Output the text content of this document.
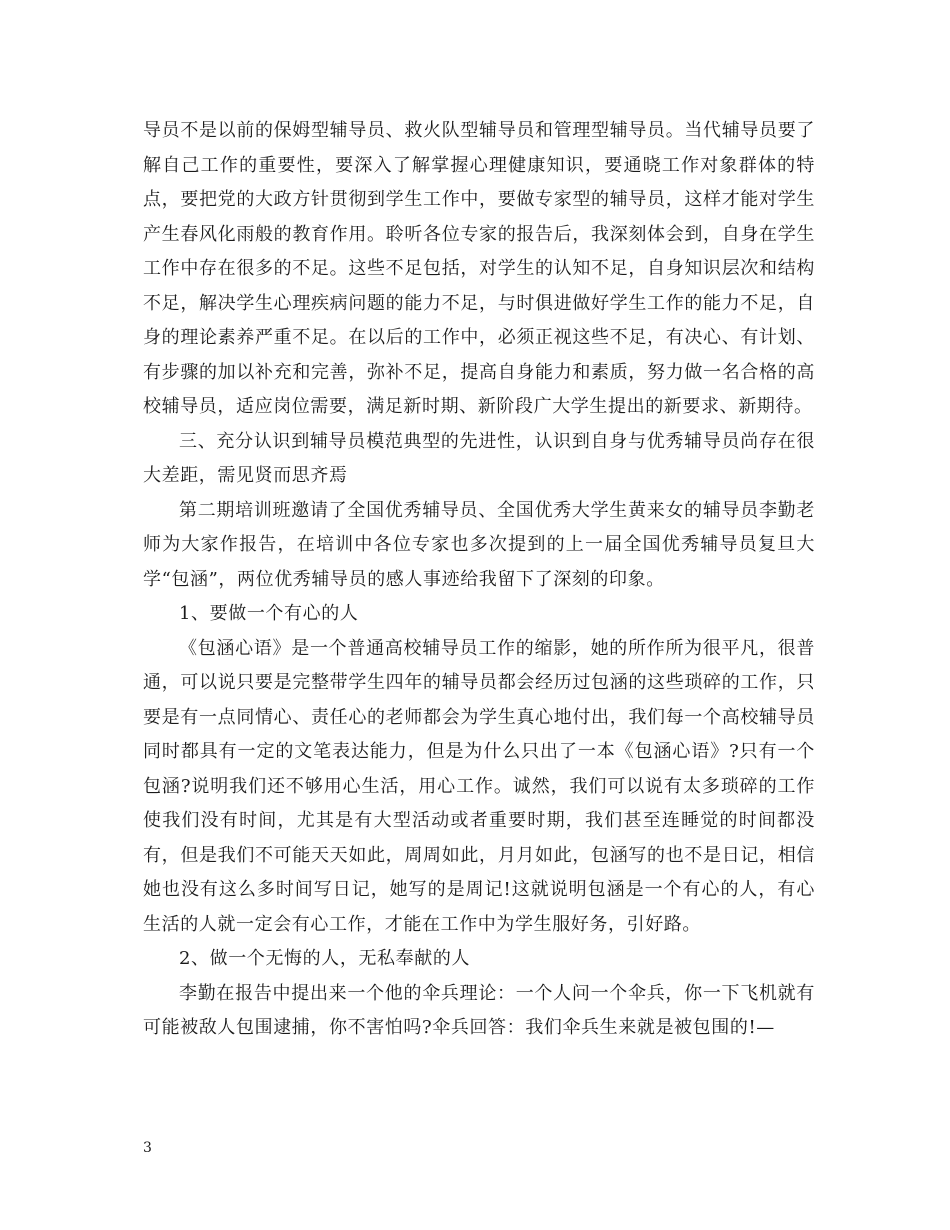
导员不是以前的保姆型辅导员、救火队型辅导员和管理型辅导员。当代辅导员要了解自己工作的重要性，要深入了解掌握心理健康知识，要通晓工作对象群体的特点，要把党的大政方针贯彻到学生工作中，要做专家型的辅导员，这样才能对学生产生春风化雨般的教育作用。聆听各位专家的报告后，我深刻体会到，自身在学生工作中存在很多的不足。这些不足包括，对学生的认知不足，自身知识层次和结构不足，解决学生心理疾病问题的能力不足，与时俱进做好学生工作的能力不足，自身的理论素养严重不足。在以后的工作中，必须正视这些不足，有决心、有计划、有步骤的加以补充和完善，弥补不足，提高自身能力和素质，努力做一名合格的高校辅导员，适应岗位需要，满足新时期、新阶段广大学生提出的新要求、新期待。

三、充分认识到辅导员模范典型的先进性，认识到自身与优秀辅导员尚存在很大差距，需见贤而思齐焉

第二期培训班邀请了全国优秀辅导员、全国优秀大学生黄来女的辅导员李勤老师为大家作报告，在培训中各位专家也多次提到的上一届全国优秀辅导员复旦大学“包涵”，两位优秀辅导员的感人事迹给我留下了深刻的印象。

1、要做一个有心的人

《包涵心语》是一个普通高校辅导员工作的缩影，她的所作所为很平凡，很普通，可以说只要是完整带学生四年的辅导员都会经历过包涵的这些琐碎的工作，只要是有一点同情心、责任心的老师都会为学生真心地付出，我们每一个高校辅导员同时都具有一定的文笔表达能力，但是为什么只出了一本《包涵心语》?只有一个包涵?说明我们还不够用心生活，用心工作。诚然，我们可以说有太多琐碎的工作使我们没有时间，尤其是有大型活动或者重要时期，我们甚至连睡觉的时间都没有，但是我们不可能天天如此，周周如此，月月如此，包涵写的也不是日记，相信她也没有这么多时间写日记，她写的是周记!这就说明包涵是一个有心的人，有心生活的人就一定会有心工作，才能在工作中为学生服好务，引好路。

2、做一个无悔的人，无私奉献的人

李勤在报告中提出来一个他的伞兵理论：一个人问一个伞兵，你一下飞机就有可能被敌人包围逮捕，你不害怕吗?伞兵回答：我们伞兵生来就是被包围的!—

3
